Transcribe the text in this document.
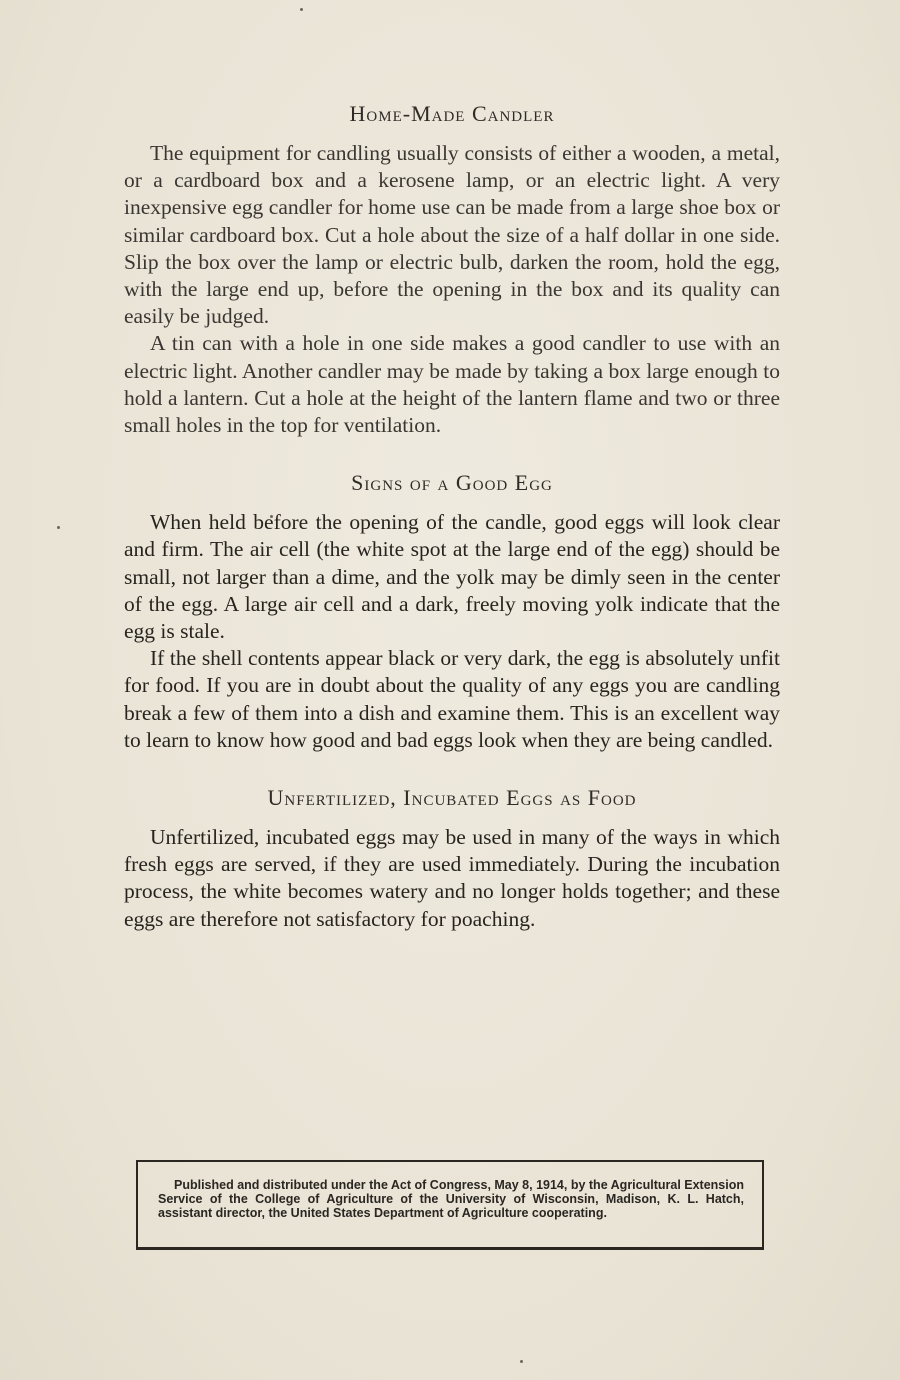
Home-Made Candler

The equipment for candling usually consists of either a wooden, a metal, or a cardboard box and a kerosene lamp, or an electric light. A very inexpensive egg candler for home use can be made from a large shoe box or similar cardboard box. Cut a hole about the size of a half dollar in one side. Slip the box over the lamp or electric bulb, darken the room, hold the egg, with the large end up, before the opening in the box and its quality can easily be judged.

A tin can with a hole in one side makes a good candler to use with an electric light. Another candler may be made by taking a box large enough to hold a lantern. Cut a hole at the height of the lantern flame and two or three small holes in the top for ventilation.

Signs of a Good Egg

When held before the opening of the candle, good eggs will look clear and firm. The air cell (the white spot at the large end of the egg) should be small, not larger than a dime, and the yolk may be dimly seen in the center of the egg. A large air cell and a dark, freely moving yolk indicate that the egg is stale.

If the shell contents appear black or very dark, the egg is absolutely unfit for food. If you are in doubt about the quality of any eggs you are candling break a few of them into a dish and examine them. This is an excellent way to learn to know how good and bad eggs look when they are being candled.

Unfertilized, Incubated Eggs as Food

Unfertilized, incubated eggs may be used in many of the ways in which fresh eggs are served, if they are used immediately. During the incubation process, the white becomes watery and no longer holds together; and these eggs are therefore not satisfactory for poaching.

Published and distributed under the Act of Congress, May 8, 1914, by the Agricultural Extension Service of the College of Agriculture of the University of Wisconsin, Madison, K. L. Hatch, assistant director, the United States Department of Agriculture cooperating.
